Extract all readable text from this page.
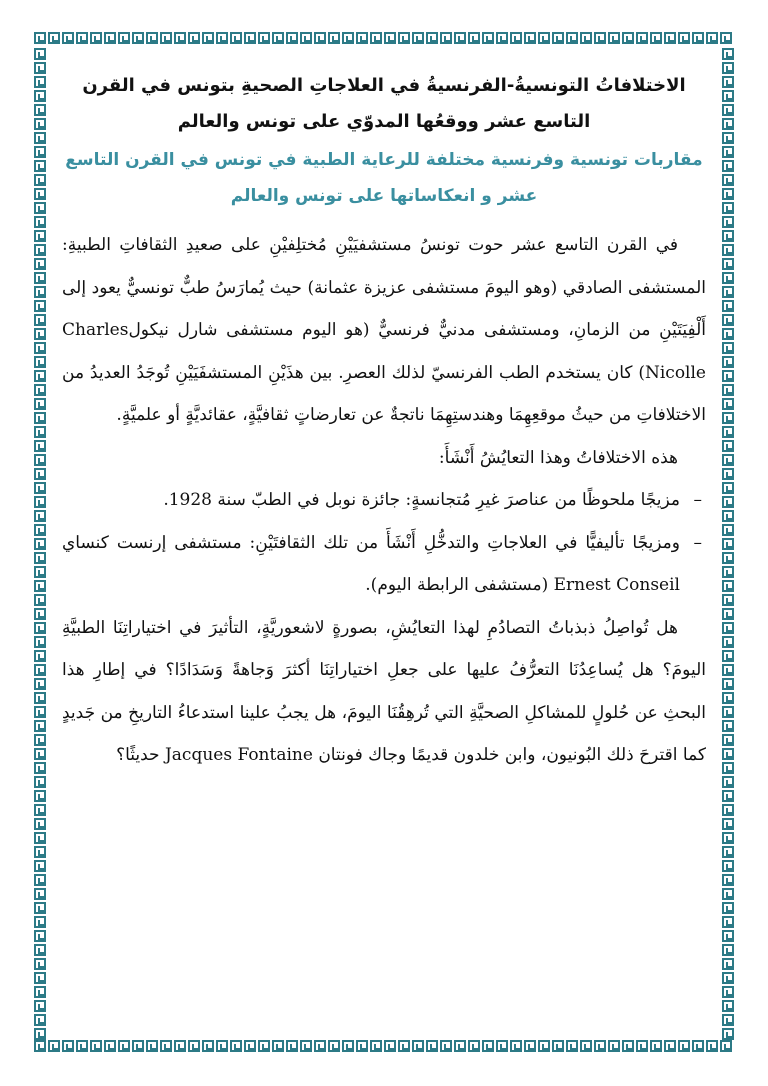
الاختلافاتُ التونسيةُ-الفرنسيةُ في العلاجاتِ الصحيةِ بتونس في القرن التاسع عشر ووقعُها المدوّي على تونس والعالم
مقاربات تونسية وفرنسية مختلفة للرعاية الطبية في تونس في القرن التاسع عشر و انعكاساتها على تونس والعالم

في القرن التاسع عشر حوت تونسُ مستشفيَيْنِ مُختلِفيْنِ على صعيدِ الثقافاتِ الطبيةِ: المستشفى الصادقي (وهو اليومَ مستشفى عزيزة عثمانة) حيث يُمارَسُ طبٌّ تونسيٌّ يعود إلى أَلْفِيَتَيْنِ من الزمانِ، ومستشفى مدنيٌّ فرنسيٌّ (هو اليوم مستشفى شارل نيكولCharles Nicolle) كان يستخدم الطب الفرنسيّ لذلك العصرِ. بين هذَيْنِ المستشفَيَيْنِ تُوجَدُ العديدُ من الاختلافاتِ من حيثُ موقعِهِمَا وهندستِهِمَا ناتجةٌ عن تعارضاتٍ ثقافيَّةٍ، عقائديَّةٍ أو علميَّةٍ.

هذه الاختلافاتُ وهذا التعايُشُ أَنْشَأَ:

–
مزيجًا ملحوظًا من عناصرَ غيرِ مُتجانسةٍ: جائزة نوبل في الطبّ سنة 1928.
–
ومزيجًا تأليفيًّا في العلاجاتِ والتدخُّلِ أَنْشَأَ من تلك الثقافتَيْنِ: مستشفى إرنست كنساي Ernest Conseil (مستشفى الرابطة اليوم).

هل تُواصِلُ ذبذباتُ التصادُمِ لهذا التعايُشِ، بصورةٍ لاشعوريَّةٍ، التأثيرَ في اختياراتِنَا الطبيَّةِ اليومَ؟ هل يُساعِدُنَا التعرُّفُ عليها على جعلِ اختياراتِنَا أكثرَ وَجاهةً وَسَدَادًا؟ في إطارِ هذا البحثِ عن حُلولٍ للمشاكلِ الصحيَّةِ التي تُرهِقُنَا اليومَ، هل يجبُ علينا استدعاءُ التاريخِ من جَديدٍ كما اقترحَ ذلك البُونيون، وابن خلدون قديمًا وجاك فونتان Jacques Fontaine حديثًا؟
